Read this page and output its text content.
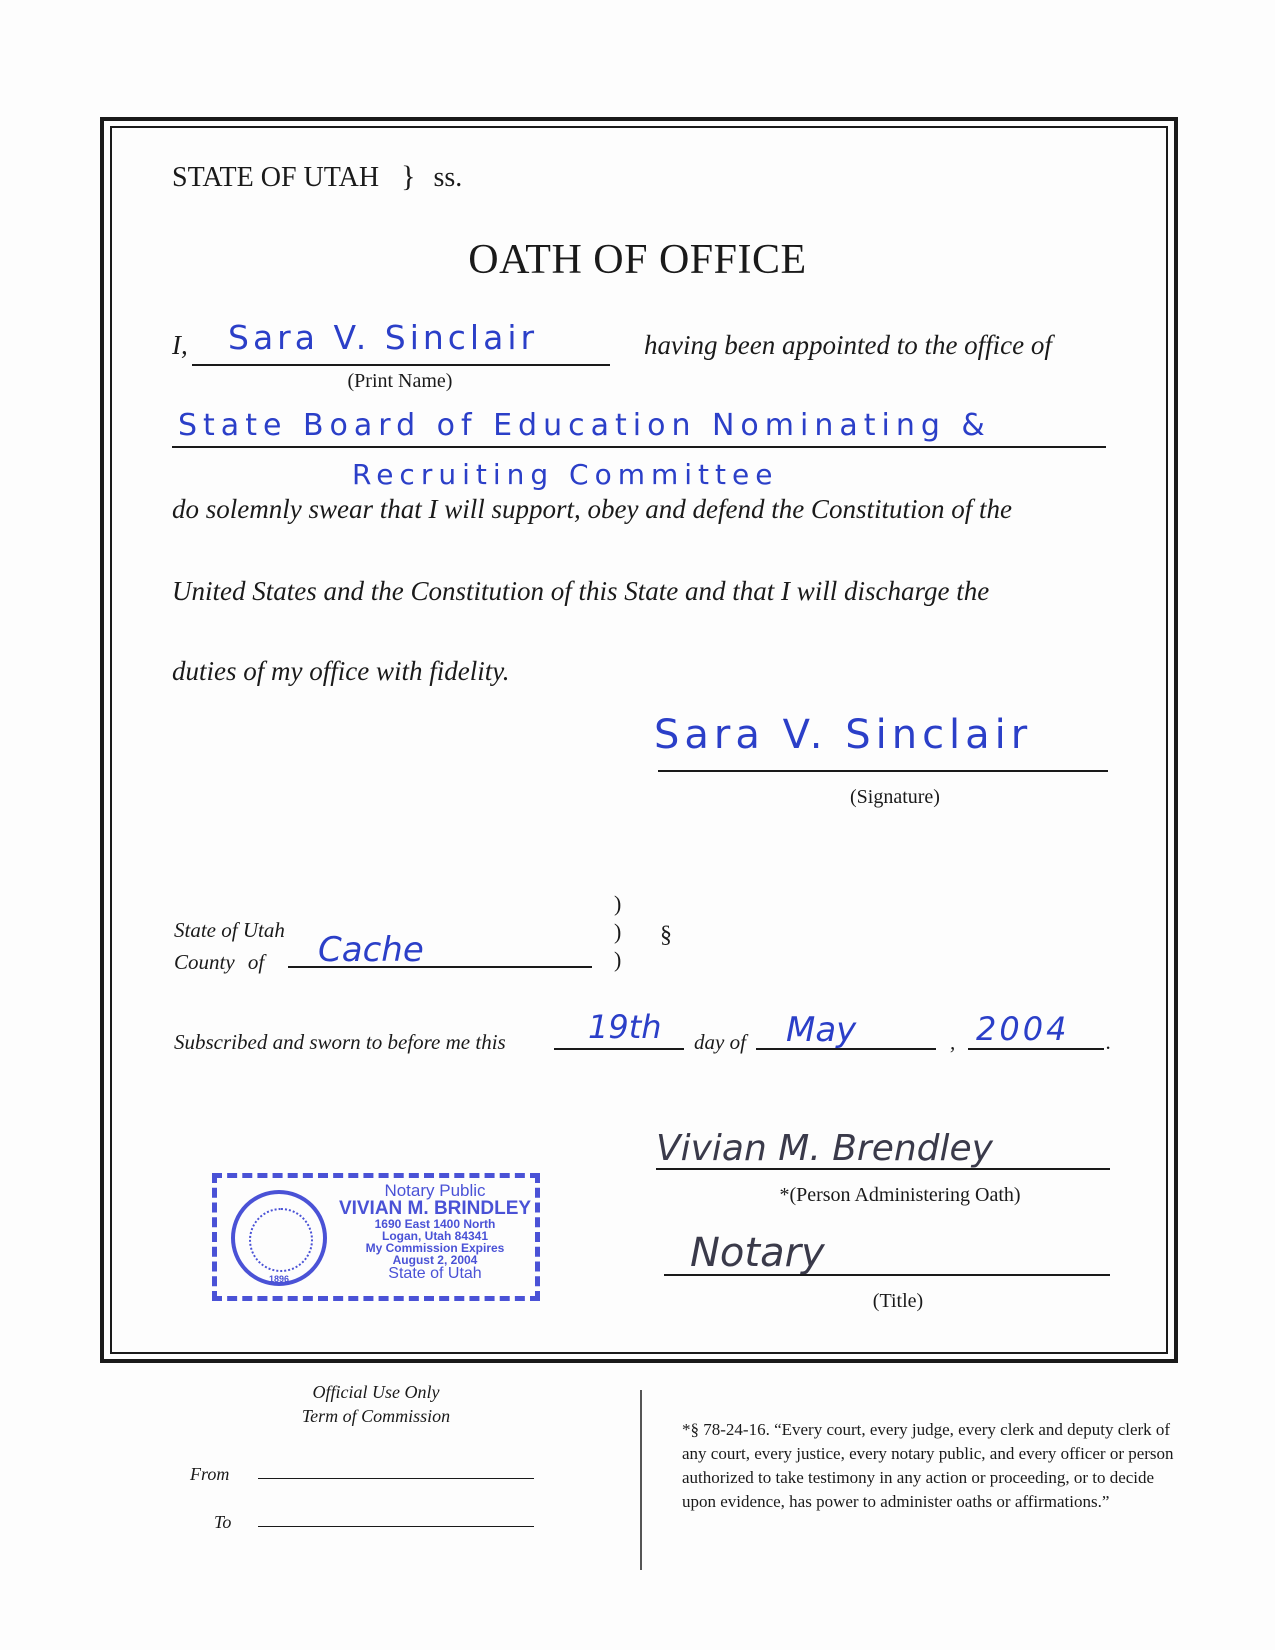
STATE OF UTAH } ss.
OATH OF OFFICE
I, Sara V. Sinclair
(Print Name)
having been appointed to the office of
State Board of Education Nominating &
Recruiting Committee
do solemnly swear that I will support, obey and defend the Constitution of the
United States and the Constitution of this State and that I will discharge the
duties of my office with fidelity.
Sara V. Sinclair
(Signature)
State of Utah
County of Cache
)
)
)
§
Subscribed and sworn to before me this	19th day of May	, 2004 .
Vivian M. Brendley
*(Person Administering Oath)
Notary
(Title)
1896
Notary Public
VIVIAN M. BRINDLEY
1690 East 1400 North
Logan, Utah 84341
My Commission Expires
August 2, 2004
State of Utah
Official Use Only
Term of Commission
From
To
*§ 78-24-16. “Every court, every judge, every clerk and deputy clerk of any court, every justice, every notary public, and every officer or person authorized to take testimony in any action or proceeding, or to decide upon evidence, has power to administer oaths or affirmations.”
